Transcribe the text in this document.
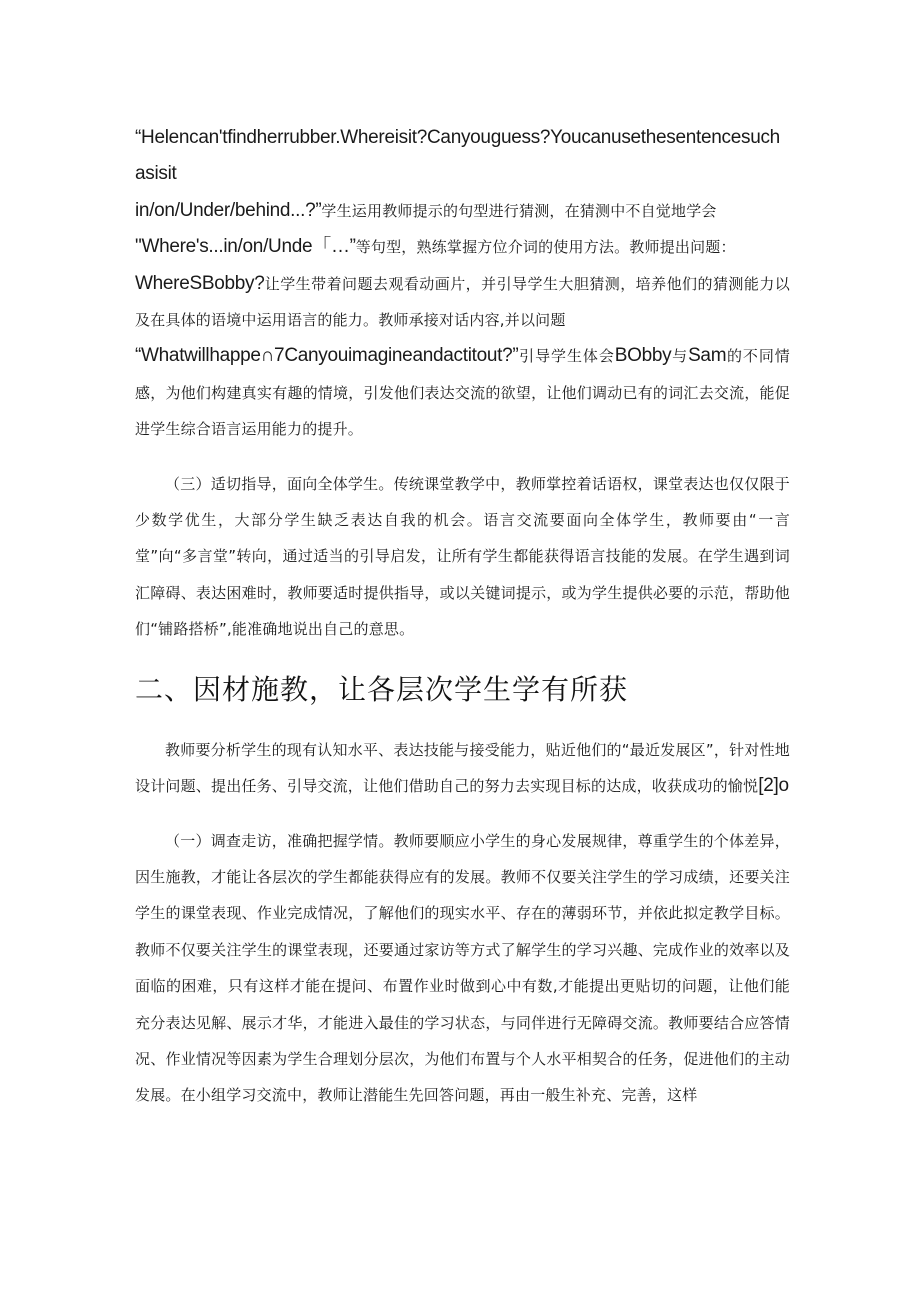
“Helencan'tfindherrubber.Whereisit?Canyouguess?Youcanusethesentencesuch asisit
in/on/Under/behind...?”学生运用教师提示的句型进行猜测，在猜测中不自觉地学会
"Where's...in/on/Unde「…”等句型，熟练掌握方位介词的使用方法。教师提出问题：
WhereSBobby?让学生带着问题去观看动画片，并引导学生大胆猜测，培养他们的猜测能力以及在具体的语境中运用语言的能力。教师承接对话内容,并以问题
“Whatwillhappe∩7Canyouimagineandactitout?”引导学生体会BObby与Sam的不同情感，为他们构建真实有趣的情境，引发他们表达交流的欲望，让他们调动已有的词汇去交流，能促进学生综合语言运用能力的提升。

（三）适切指导，面向全体学生。传统课堂教学中，教师掌控着话语权，课堂表达也仅仅限于少数学优生，大部分学生缺乏表达自我的机会。语言交流要面向全体学生，教师要由“一言堂”向“多言堂”转向，通过适当的引导启发，让所有学生都能获得语言技能的发展。在学生遇到词汇障碍、表达困难时，教师要适时提供指导，或以关键词提示，或为学生提供必要的示范，帮助他们“铺路搭桥”,能准确地说出自己的意思。

二、因材施教，让各层次学生学有所获

教师要分析学生的现有认知水平、表达技能与接受能力，贴近他们的“最近发展区”，针对性地设计问题、提出任务、引导交流，让他们借助自己的努力去实现目标的达成，收获成功的愉悦[2]o

（一）调查走访，准确把握学情。教师要顺应小学生的身心发展规律，尊重学生的个体差异，因生施教，才能让各层次的学生都能获得应有的发展。教师不仅要关注学生的学习成绩，还要关注学生的课堂表现、作业完成情况，了解他们的现实水平、存在的薄弱环节，并依此拟定教学目标。教师不仅要关注学生的课堂表现，还要通过家访等方式了解学生的学习兴趣、完成作业的效率以及面临的困难，只有这样才能在提问、布置作业时做到心中有数,才能提出更贴切的问题，让他们能充分表达见解、展示才华，才能进入最佳的学习状态，与同伴进行无障碍交流。教师要结合应答情况、作业情况等因素为学生合理划分层次，为他们布置与个人水平相契合的任务，促进他们的主动发展。在小组学习交流中，教师让潜能生先回答问题，再由一般生补充、完善，这样
